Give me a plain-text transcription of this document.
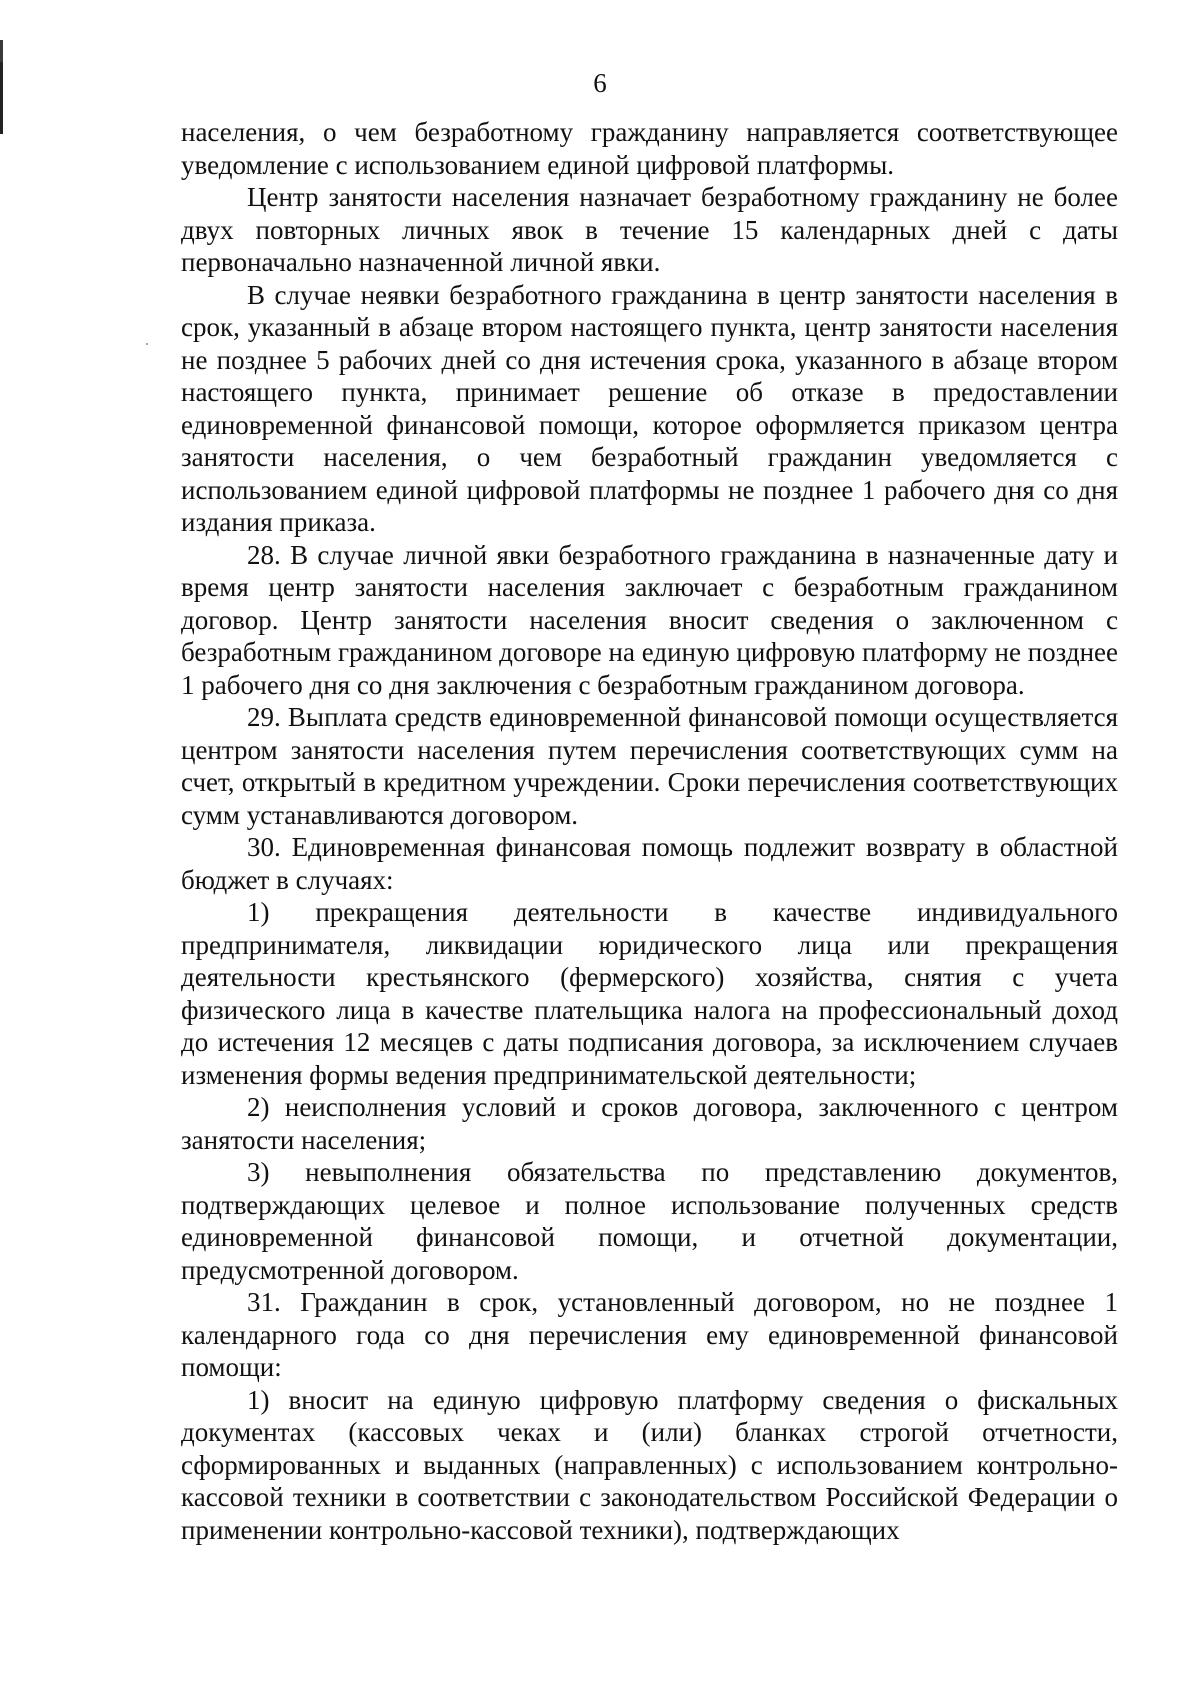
6

населения, о чем безработному гражданину направляется соответствующее уведомление с использованием единой цифровой платформы.

Центр занятости населения назначает безработному гражданину не более двух повторных личных явок в течение 15 календарных дней с даты первоначально назначенной личной явки.

В случае неявки безработного гражданина в центр занятости населения в срок, указанный в абзаце втором настоящего пункта, центр занятости населения не позднее 5 рабочих дней со дня истечения срока, указанного в абзаце втором настоящего пункта, принимает решение об отказе в предоставлении единовременной финансовой помощи, которое оформляется приказом центра занятости населения, о чем безработный гражданин уведомляется с использованием единой цифровой платформы не позднее 1 рабочего дня со дня издания приказа.

28. В случае личной явки безработного гражданина в назначенные дату и время центр занятости населения заключает с безработным гражданином договор. Центр занятости населения вносит сведения о заключенном с безработным гражданином договоре на единую цифровую платформу не позднее 1 рабочего дня со дня заключения с безработным гражданином договора.

29. Выплата средств единовременной финансовой помощи осуществляется центром занятости населения путем перечисления соответствующих сумм на счет, открытый в кредитном учреждении. Сроки перечисления соответствующих сумм устанавливаются договором.

30. Единовременная финансовая помощь подлежит возврату в областной бюджет в случаях:

1) прекращения деятельности в качестве индивидуального предпринимателя, ликвидации юридического лица или прекращения деятельности крестьянского (фермерского) хозяйства, снятия с учета физического лица в качестве плательщика налога на профессиональный доход до истечения 12 месяцев с даты подписания договора, за исключением случаев изменения формы ведения предпринимательской деятельности;

2) неисполнения условий и сроков договора, заключенного с центром занятости населения;

3) невыполнения обязательства по представлению документов, подтверждающих целевое и полное использование полученных средств единовременной финансовой помощи, и отчетной документации, предусмотренной договором.

31. Гражданин в срок, установленный договором, но не позднее 1 календарного года со дня перечисления ему единовременной финансовой помощи:

1) вносит на единую цифровую платформу сведения о фискальных документах (кассовых чеках и (или) бланках строгой отчетности, сформированных и выданных (направленных) с использованием контрольно-кассовой техники в соответствии с законодательством Российской Федерации о применении контрольно-кассовой техники), подтверждающих
